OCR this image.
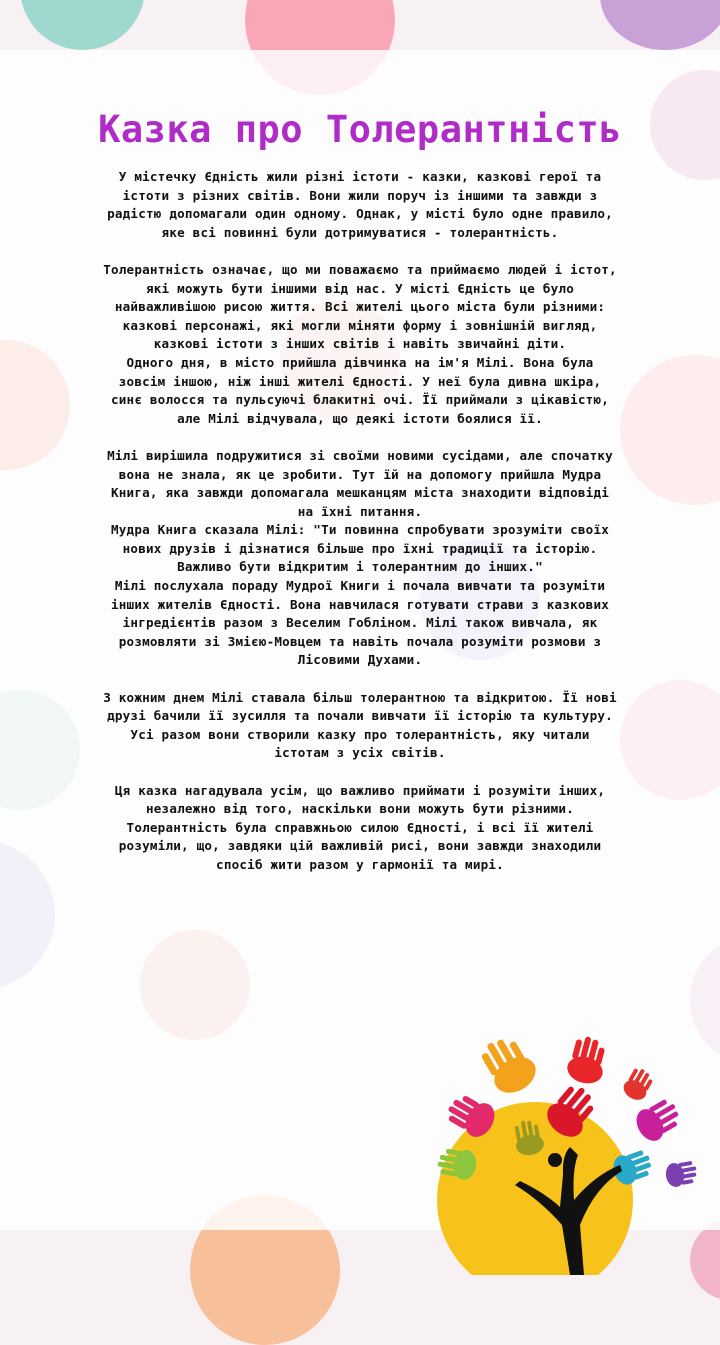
Казка про Толерантність

У містечку Єдність жили різні істоти - казки, казкові герої та істоти з різних світів. Вони жили поруч із іншими та завжди з радістю допомагали один одному. Однак, у місті було одне правило, яке всі повинні були дотримуватися - толерантність.

Толерантність означає, що ми поважаємо та приймаємо людей і істот, які можуть бути іншими від нас. У місті Єдність це було найважливішою рисою життя. Всі жителі цього міста були різними: казкові персонажі, які могли міняти форму і зовнішній вигляд, казкові істоти з інших світів і навіть звичайні діти.

Одного дня, в місто прийшла дівчинка на ім'я Мілі. Вона була зовсім іншою, ніж інші жителі Єдності. У неї була дивна шкіра, синє волосся та пульсуючі блакитні очі. Її приймали з цікавістю, але Мілі відчувала, що деякі істоти боялися її.

Мілі вирішила подружитися зі своїми новими сусідами, але спочатку вона не знала, як це зробити. Тут їй на допомогу прийшла Мудра Книга, яка завжди допомагала мешканцям міста знаходити відповіді на їхні питання.

Мудра Книга сказала Мілі: "Ти повинна спробувати зрозуміти своїх нових друзів і дізнатися більше про їхні традиції та історію. Важливо бути відкритим і толерантним до інших."

Мілі послухала пораду Мудрої Книги і почала вивчати та розуміти інших жителів Єдності. Вона навчилася готувати страви з казкових інгредієнтів разом з Веселим Гобліном. Мілі також вивчала, як розмовляти зі Змією-Мовцем та навіть почала розуміти розмови з Лісовими Духами.

З кожним днем Мілі ставала більш толерантною та відкритою. Її нові друзі бачили її зусилля та почали вивчати її історію та культуру. Усі разом вони створили казку про толерантність, яку читали істотам з усіх світів.

Ця казка нагадувала усім, що важливо приймати і розуміти інших, незалежно від того, наскільки вони можуть бути різними. Толерантність була справжньою силою Єдності, і всі її жителі розуміли, що, завдяки цій важливій рисі, вони завжди знаходили спосіб жити разом у гармонії та мирі.
